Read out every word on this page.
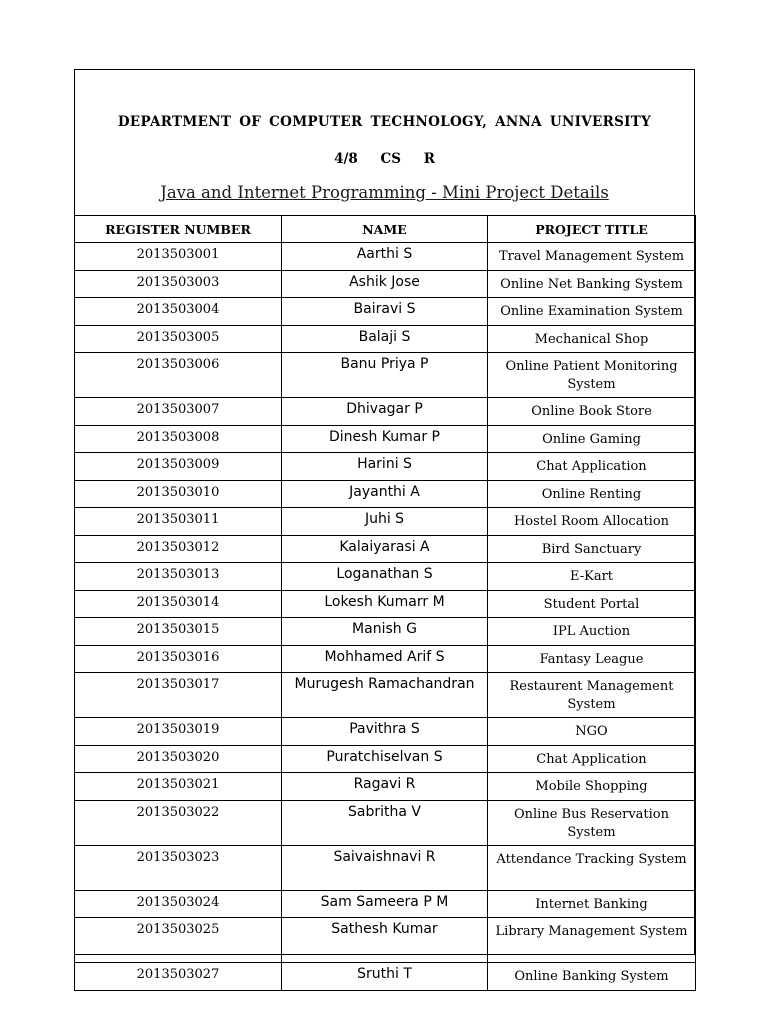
DEPARTMENT OF COMPUTER TECHNOLOGY, ANNA UNIVERSITY
4/8 CS R
Java and Internet Programming - Mini Project Details
REGISTER NUMBER	NAME	PROJECT TITLE
2013503001	Aarthi S	Travel Management System
2013503003	Ashik Jose	Online Net Banking System
2013503004	Bairavi S	Online Examination System
2013503005	Balaji S	Mechanical Shop
2013503006	Banu Priya P	Online Patient Monitoring System
2013503007	Dhivagar P	Online Book Store
2013503008	Dinesh Kumar P	Online Gaming
2013503009	Harini S	Chat Application
2013503010	Jayanthi A	Online Renting
2013503011	Juhi S	Hostel Room Allocation
2013503012	Kalaiyarasi A	Bird Sanctuary
2013503013	Loganathan S	E-Kart
2013503014	Lokesh Kumarr M	Student Portal
2013503015	Manish G	IPL Auction
2013503016	Mohhamed Arif S	Fantasy League
2013503017	Murugesh Ramachandran	Restaurent Management System
2013503019	Pavithra S	NGO
2013503020	Puratchiselvan S	Chat Application
2013503021	Ragavi R	Mobile Shopping
2013503022	Sabritha V	Online Bus Reservation System
2013503023	Saivaishnavi R	Attendance Tracking System
2013503024	Sam Sameera P M	Internet Banking
2013503025	Sathesh Kumar	Library Management System
2013503027	Sruthi T	Online Banking System
